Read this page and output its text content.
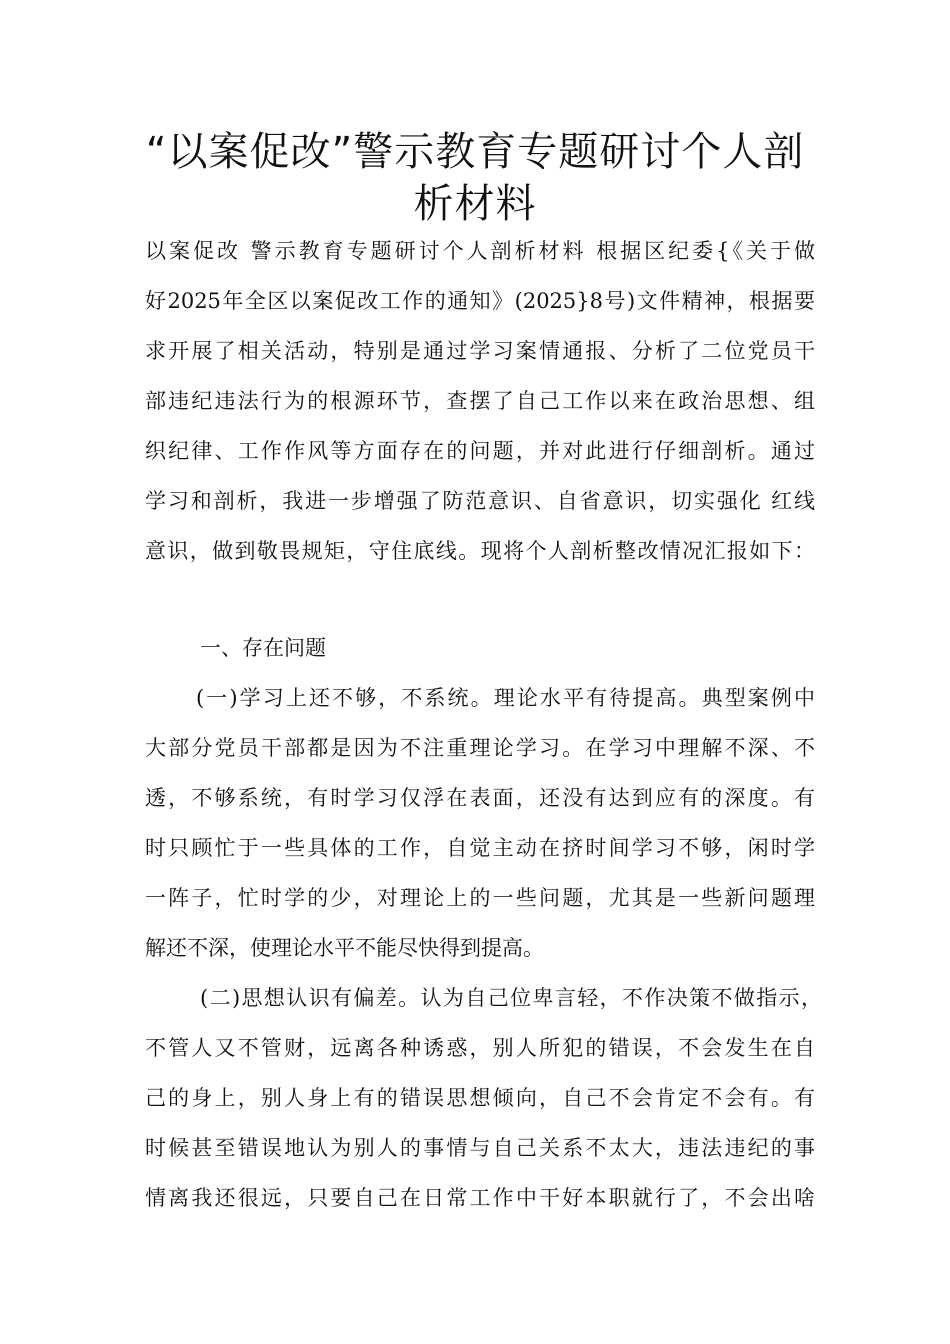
“以案促改”警示教育专题研讨个人剖
析材料
以案促改 警示教育专题研讨个人剖析材料 根据区纪委{《关于做
好2025年全区以案促改工作的通知》(2025}8号)文件精神，根据要
求开展了相关活动，特别是通过学习案情通报、分析了二位党员干
部违纪违法行为的根源环节，查摆了自己工作以来在政治思想、组
织纪律、工作作风等方面存在的问题，并对此进行仔细剖析。通过
学习和剖析，我进一步增强了防范意识、自省意识，切实强化 红线
意识，做到敬畏规矩，守住底线。现将个人剖析整改情况汇报如下：
一、存在问题
(一)学习上还不够，不系统。理论水平有待提高。典型案例中
大部分党员干部都是因为不注重理论学习。在学习中理解不深、不
透，不够系统，有时学习仅浮在表面，还没有达到应有的深度。有
时只顾忙于一些具体的工作，自觉主动在挤时间学习不够，闲时学
一阵子，忙时学的少，对理论上的一些问题，尤其是一些新问题理
解还不深，使理论水平不能尽快得到提高。
(二)思想认识有偏差。认为自己位卑言轻，不作决策不做指示，
不管人又不管财，远离各种诱惑，别人所犯的错误，不会发生在自
己的身上，别人身上有的错误思想倾向，自己不会肯定不会有。有
时候甚至错误地认为别人的事情与自己关系不太大，违法违纪的事
情离我还很远，只要自己在日常工作中干好本职就行了，不会出啥
